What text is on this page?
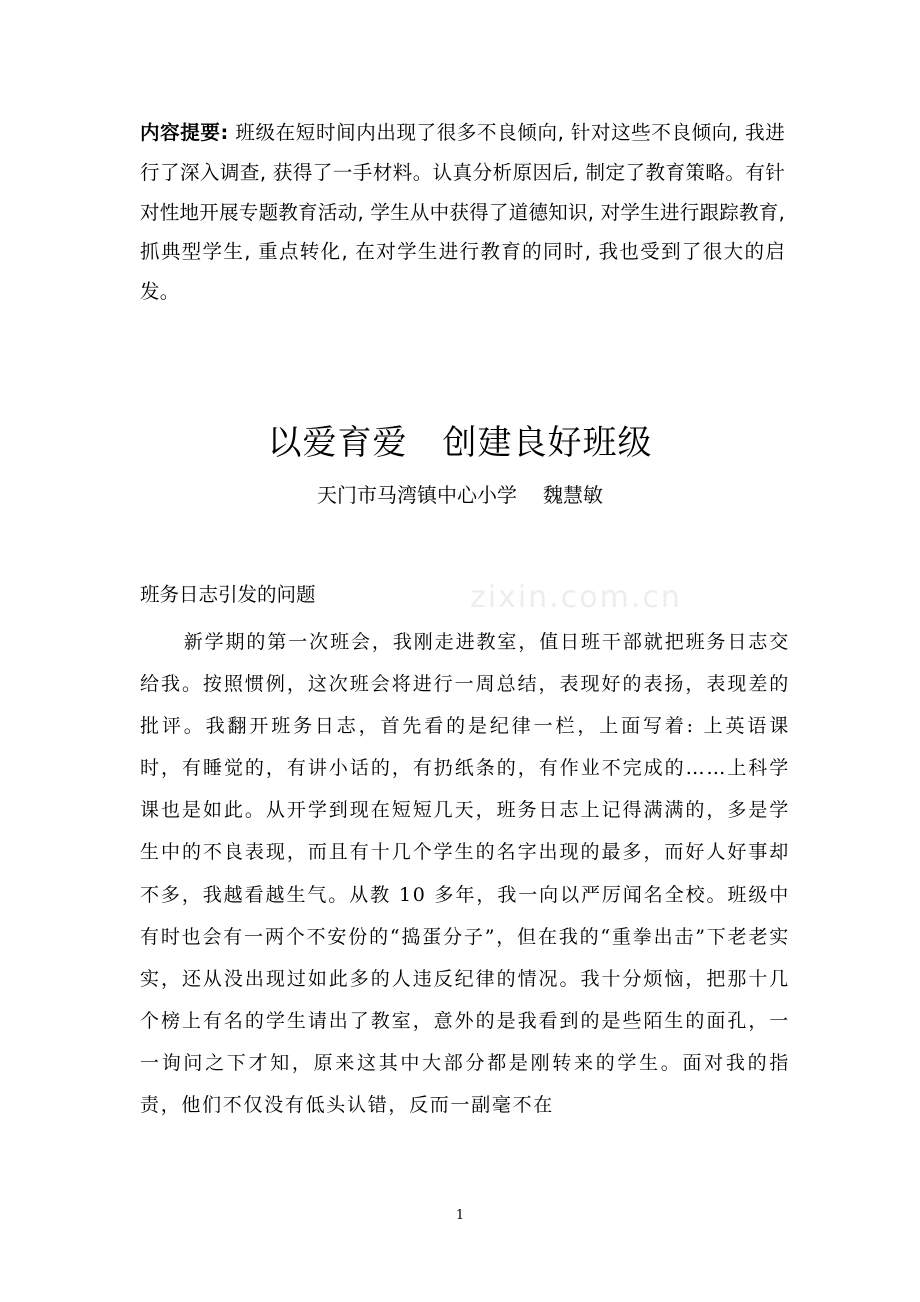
内容提要: 班级在短时间内出现了很多不良倾向, 针对这些不良倾向, 我进行了深入调查, 获得了一手材料。认真分析原因后, 制定了教育策略。有针对性地开展专题教育活动, 学生从中获得了道德知识, 对学生进行跟踪教育, 抓典型学生, 重点转化, 在对学生进行教育的同时, 我也受到了很大的启发。
以爱育爱　创建良好班级
天门市马湾镇中心小学 魏慧敏
zixin.com.cn
班务日志引发的问题
新学期的第一次班会，我刚走进教室，值日班干部就把班务日志交给我。按照惯例，这次班会将进行一周总结，表现好的表扬，表现差的批评。我翻开班务日志，首先看的是纪律一栏，上面写着: 上英语课时，有睡觉的，有讲小话的，有扔纸条的，有作业不完成的……上科学课也是如此。从开学到现在短短几天，班务日志上记得满满的，多是学生中的不良表现，而且有十几个学生的名字出现的最多，而好人好事却不多，我越看越生气。从教 10 多年，我一向以严厉闻名全校。班级中有时也会有一两个不安份的“捣蛋分子”，但在我的“重拳出击”下老老实实，还从没出现过如此多的人违反纪律的情况。我十分烦恼，把那十几个榜上有名的学生请出了教室，意外的是我看到的是些陌生的面孔，一一询问之下才知，原来这其中大部分都是刚转来的学生。面对我的指责，他们不仅没有低头认错，反而一副毫不在
1
